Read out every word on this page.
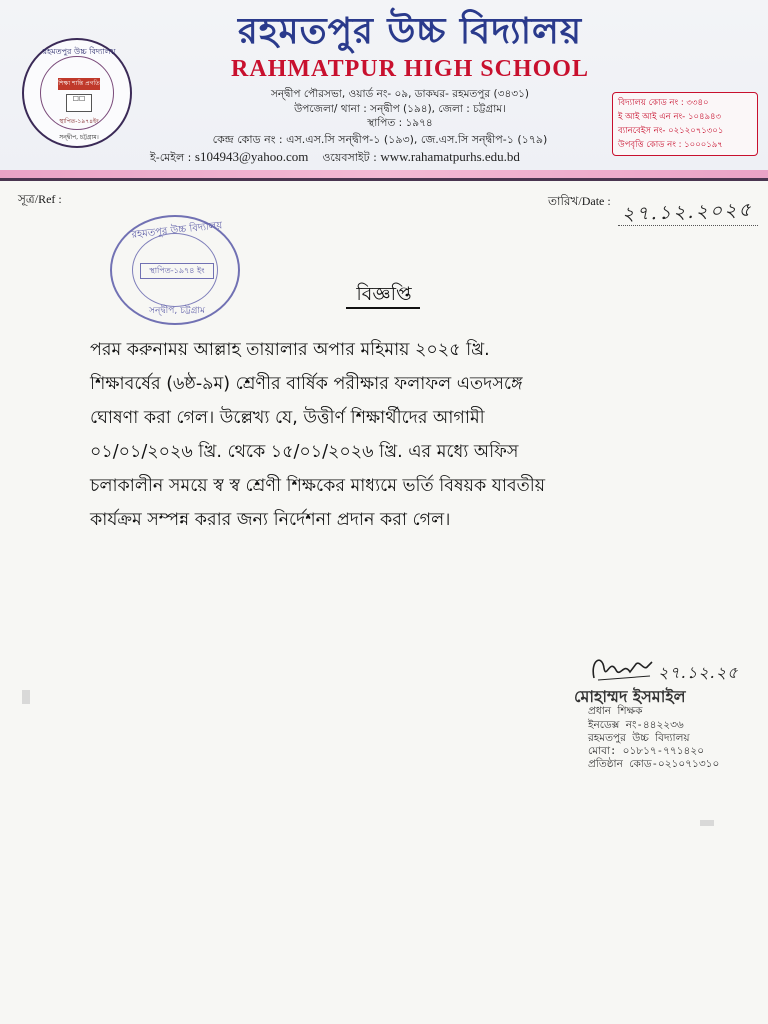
রহমতপুর উচ্চ বিদ্যালয়
শিক্ষা শান্তি প্রগতি
☐☐
স্থাপিত-১৯৭৪ইং
সন্দ্বীপ, চট্টগ্রাম।
রহমতপুর উচ্চ বিদ্যালয়
RAHMATPUR HIGH SCHOOL
সন্দ্বীপ পৌরসভা, ওয়ার্ড নং- ০৯, ডাকঘর- রহমতপুর (৩৪৩১)
উপজেলা/ থানা : সন্দ্বীপ (১৯৪), জেলা : চট্টগ্রাম।
স্থাপিত : ১৯৭৪
কেন্দ্র কোড নং : এস.এস.সি সন্দ্বীপ-১ (১৯৩), জে.এস.সি সন্দ্বীপ-১ (১৭৯)
ই-মেইল : s104943@yahoo.com ওয়েবসাইট : www.rahamatpurhs.edu.bd
বিদ্যালয় কোড নং : ৩৩৪০
ই আই আই এন নং- ১০৪৯৪৩
ব্যানবেইস নং- ০২১২০৭১৩০১
উপবৃত্তি কোড নং : ১০০০১৯৭
সূত্র/Ref :	তারিখ/Date : ২৭.১২.২০২৫
রহমতপুর উচ্চ বিদ্যালয়
স্থাপিত-১৯৭৪ ইং
সন্দ্বীপ, চট্টগ্রাম
বিজ্ঞপ্তি
পরম করুনাময় আল্লাহ তায়ালার অপার মহিমায় ২০২৫ খ্রি.
শিক্ষাবর্ষের (৬ষ্ঠ-৯ম) শ্রেণীর বার্ষিক পরীক্ষার ফলাফল এতদসঙ্গে
ঘোষণা করা গেল। উল্লেখ্য যে, উত্তীর্ণ শিক্ষার্থীদের আগামী
০১/০১/২০২৬ খ্রি. থেকে ১৫/০১/২০২৬ খ্রি. এর মধ্যে অফিস
চলাকালীন সময়ে স্ব স্ব শ্রেণী শিক্ষকের মাধ্যমে ভর্তি বিষয়ক যাবতীয়
কার্যক্রম সম্পন্ন করার জন্য নির্দেশনা প্রদান করা গেল।
২৭.১২.২৫
মোহাম্মদ ইসমাইল
প্রধান শিক্ষক
ইনডেক্স নং-৪৪২২৩৬
রহমতপুর উচ্চ বিদ্যালয়
মোবা: ০১৮১৭-৭৭১৪২০
প্রতিষ্ঠান কোড-০২১০৭১৩১০
